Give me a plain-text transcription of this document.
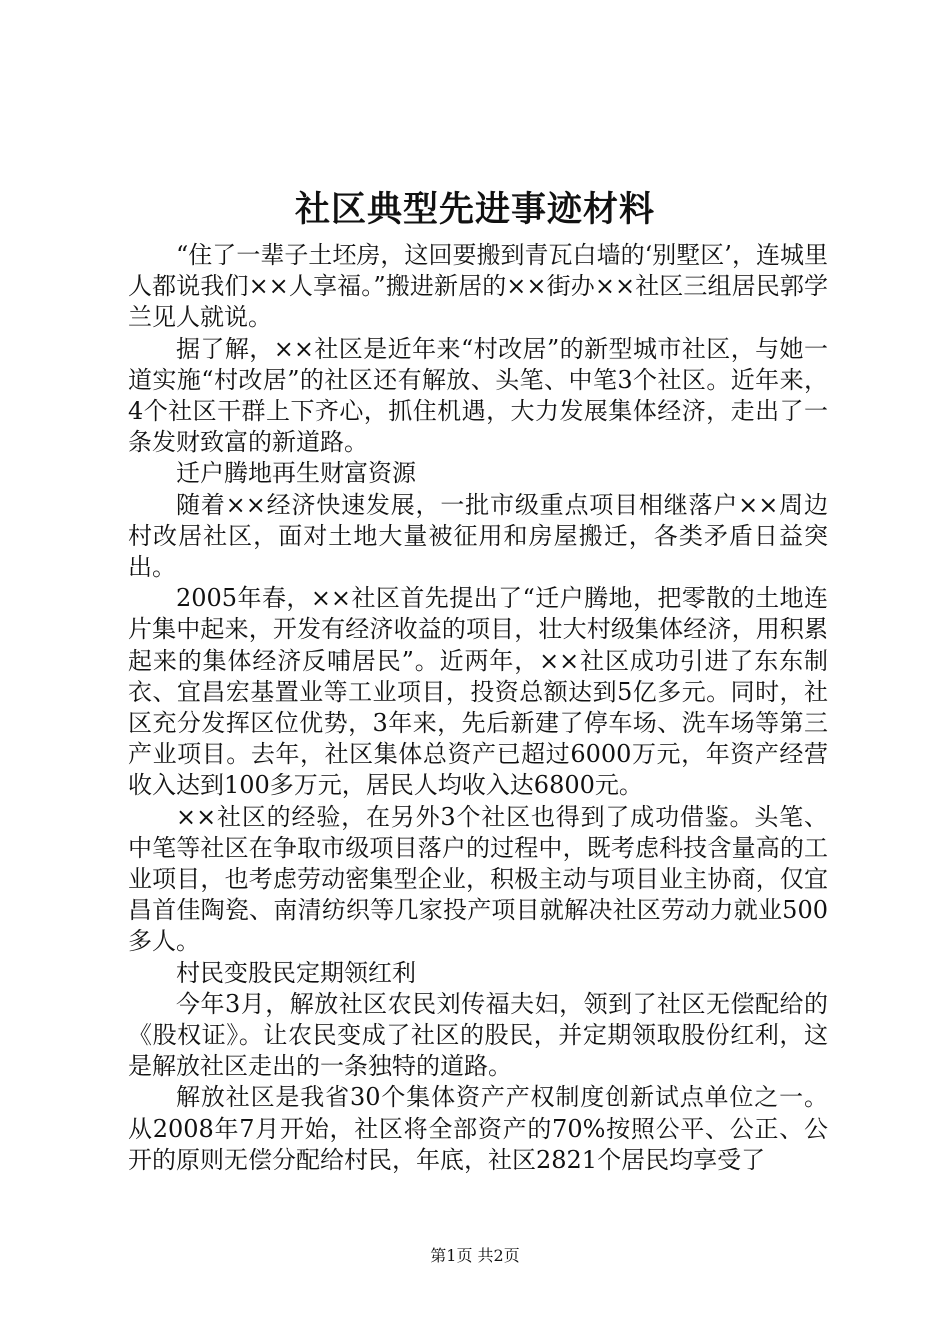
社区典型先进事迹材料

“住了一辈子土坯房，这回要搬到青瓦白墙的‘别墅区’，连城里人都说我们××人享福。”搬进新居的××街办××社区三组居民郭学兰见人就说。

据了解，××社区是近年来“村改居”的新型城市社区，与她一道实施“村改居”的社区还有解放、头笔、中笔3个社区。近年来，4个社区干群上下齐心，抓住机遇，大力发展集体经济，走出了一条发财致富的新道路。

迁户腾地再生财富资源

随着××经济快速发展，一批市级重点项目相继落户××周边村改居社区，面对土地大量被征用和房屋搬迁，各类矛盾日益突出。

2005年春，××社区首先提出了“迁户腾地，把零散的土地连片集中起来，开发有经济收益的项目，壮大村级集体经济，用积累起来的集体经济反哺居民”。近两年，××社区成功引进了东东制衣、宜昌宏基置业等工业项目，投资总额达到5亿多元。同时，社区充分发挥区位优势，3年来，先后新建了停车场、洗车场等第三产业项目。去年，社区集体总资产已超过6000万元，年资产经营收入达到100多万元，居民人均收入达6800元。

××社区的经验，在另外3个社区也得到了成功借鉴。头笔、中笔等社区在争取市级项目落户的过程中，既考虑科技含量高的工业项目，也考虑劳动密集型企业，积极主动与项目业主协商，仅宜昌首佳陶瓷、南清纺织等几家投产项目就解决社区劳动力就业500多人。

村民变股民定期领红利

今年3月，解放社区农民刘传福夫妇，领到了社区无偿配给的《股权证》。让农民变成了社区的股民，并定期领取股份红利，这是解放社区走出的一条独特的道路。

解放社区是我省30个集体资产产权制度创新试点单位之一。从2008年7月开始，社区将全部资产的70%按照公平、公正、公开的原则无偿分配给村民，年底，社区2821个居民均享受了

第1页 共2页
